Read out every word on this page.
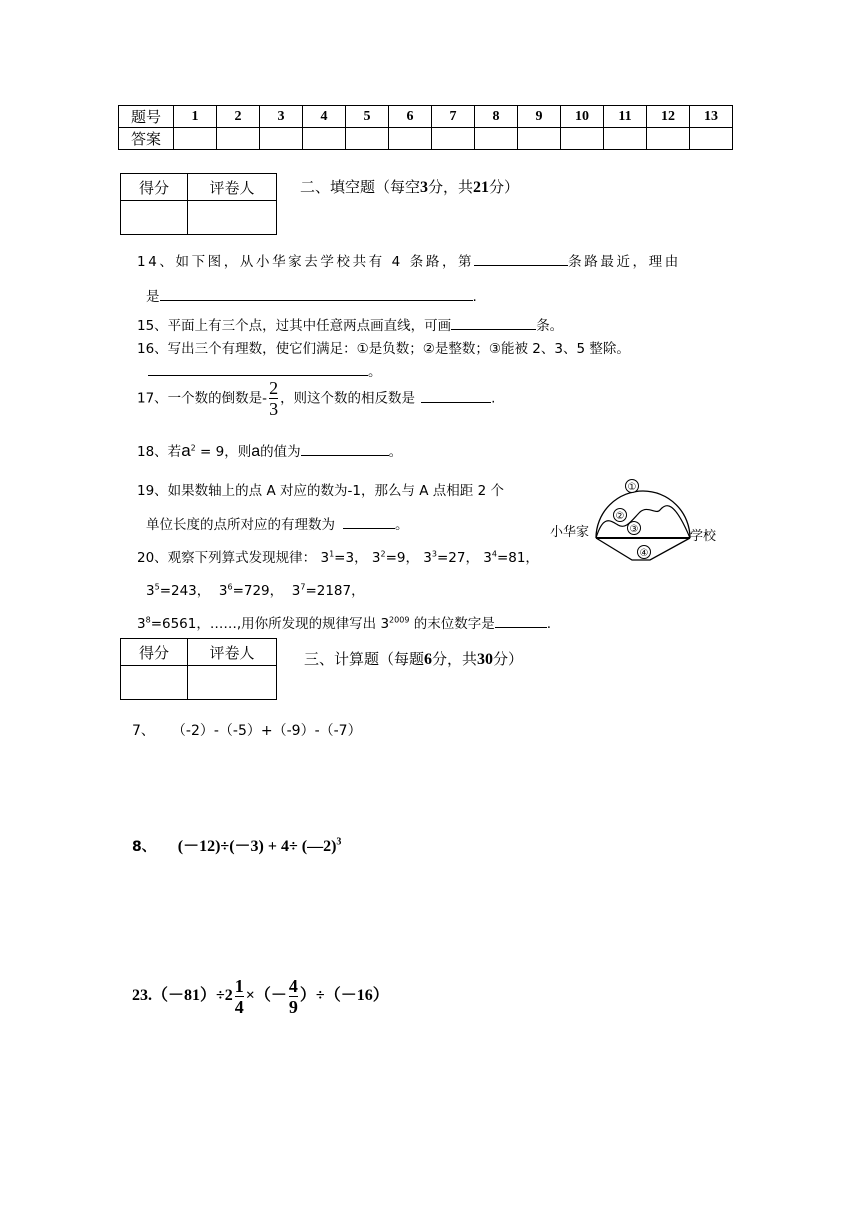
题号	1	2	3	4	5	6	7	8	9	10	11	12	13
答案													
得分	评卷人
		二、填空题（每空3分，共21分）
14、如下图，从小华家去学校共有 4 条路，第	条路最近，理由
是	.
15、平面上有三个点，过其中任意两点画直线，可画	条。
16、写出三个有理数，使它们满足：①是负数；②是整数；③能被 2、3、5 整除。
。
17、一个数的倒数是- $\frac{2}{3}$ ，则这个数的相反数是	.
18、若$a^2 = 9$，则a的值为	。
19、如果数轴上的点 A 对应的数为-1，那么与 A 点相距 2 个
单位长度的点所对应的有理数为	。
①
②
③
④
小华家	学校
20、观察下列算式发现规律： $3^1=3$， $3^2=9$， $3^3=27$， $3^4=81$，
$3^5=243$， $3^6=729$， $3^7=2187$，
$3^8=6561$，……,用你所发现的规律写出 $3^{2009}$ 的末位数字是	.
得分	评卷人
		三、计算题（每题6分，共30分）
7、 （-2）-（-5）+（-9）-（-7）
8、 (－12)÷(－3) + 4÷ (—2)$^3$
$23.(-81)\div 2 \frac{1}{4}$ ×（－ $\frac{4}{9} )\div(-16)$
